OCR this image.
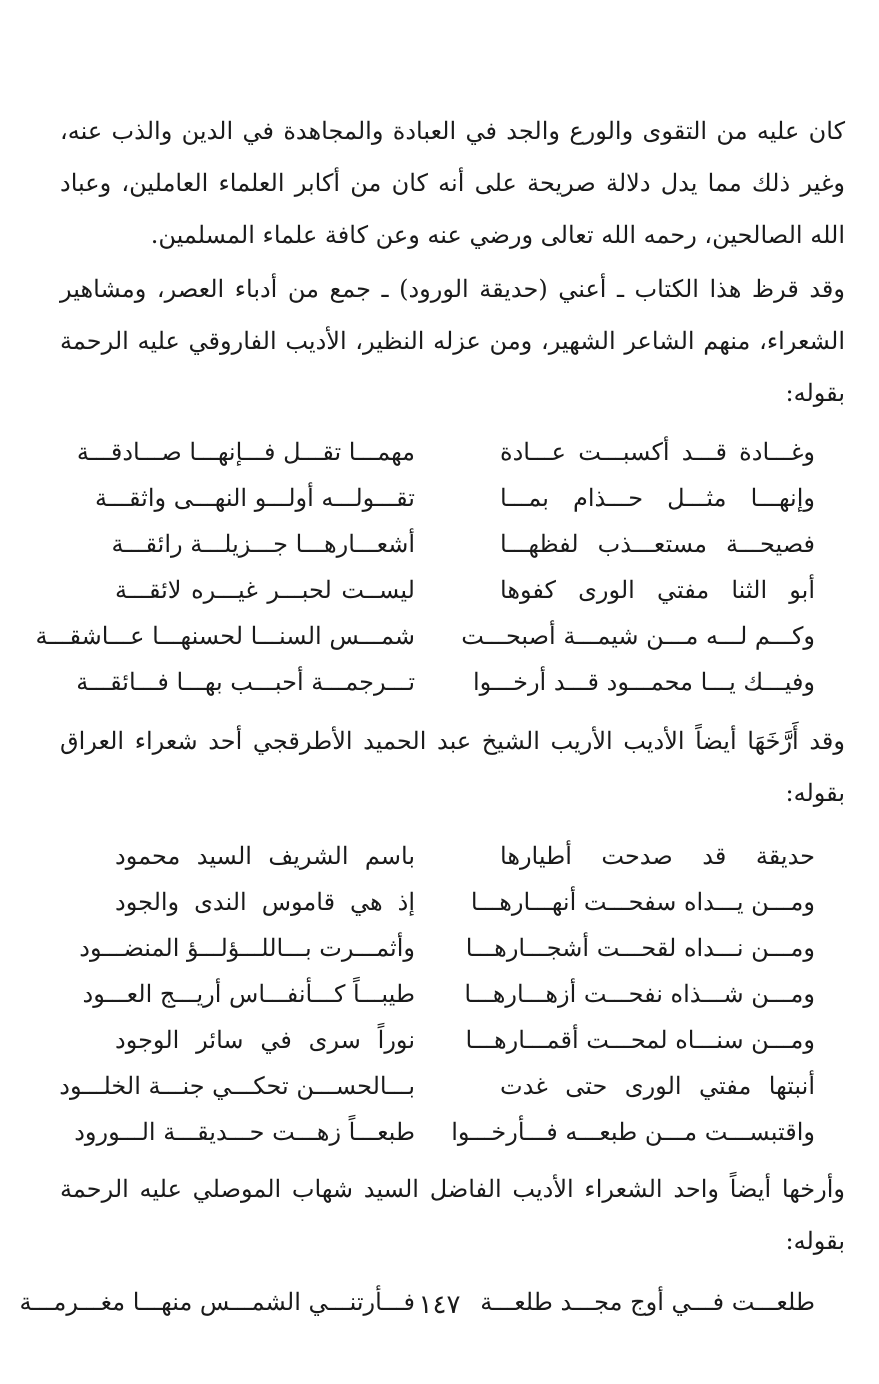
كان عليه من التقوى والورع والجد في العبادة والمجاهدة في الدين والذب عنه، وغير ذلك مما يدل دلالة صريحة على أنه كان من أكابر العلماء العاملين، وعباد الله الصالحين، رحمه الله تعالى ورضي عنه وعن كافة علماء المسلمين.

وقد قرظ هذا الكتاب ـ أعني (حديقة الورود) ـ جمع من أدباء العصر، ومشاهير الشعراء، منهم الشاعر الشهير، ومن عزله النظير، الأديب الفاروقي عليه الرحمة بقوله:

وغـــادة قـــد أكسبـــت عـــادة
مهمـــا تقـــل فـــإنهـــا صـــادقـــة
وإنهـــا مثـــل حـــذام بمـــا
تقـــولـــه أولـــو النهـــى واثقـــة
فصيحـــة مستعـــذب لفظهـــا
أشعـــارهـــا جـــزيلـــة رائقـــة
أبو الثنا مفتي الورى كفوها
ليســت لحبـــر غيـــره لائقـــة
وكـــم لـــه مـــن شيمـــة أصبحـــت
شمـــس السنـــا لحسنهـــا عـــاشقـــة
وفيـــك يـــا محمـــود قـــد أرخـــوا
تـــرجمـــة أحبـــب بهـــا فـــائقـــة

وقد أَرَّخَهَا أيضاً الأديب الأريب الشيخ عبد الحميد الأطرقجي أحد شعراء العراق بقوله:

حديقة قد صدحت أطيارها
باسم الشريف السيد محمود
ومـــن يـــداه سفحـــت أنهـــارهـــا
إذ هي قاموس الندى والجود
ومـــن نـــداه لقحـــت أشجـــارهـــا
وأثمـــرت بـــاللـــؤلـــؤ المنضـــود
ومـــن شـــذاه نفحـــت أزهـــارهـــا
طيبـــاً كـــأنفـــاس أريـــج العـــود
ومـــن سنـــاه لمحـــت أقمـــارهـــا
نوراً سرى في سائر الوجود
أنبتها مفتي الورى حتى غدت
بـــالحســـن تحكـــي جنـــة الخلـــود
واقتبســـت مـــن طبعـــه فـــأرخـــوا
طبعـــاً زهـــت حـــديقـــة الـــورود

وأرخها أيضاً واحد الشعراء الأديب الفاضل السيد شهاب الموصلي عليه الرحمة بقوله:

طلعـــت فـــي أوج مجـــد طلعـــة
فـــأرتنـــي الشمـــس منهـــا مغـــرمـــة ١٤٧
